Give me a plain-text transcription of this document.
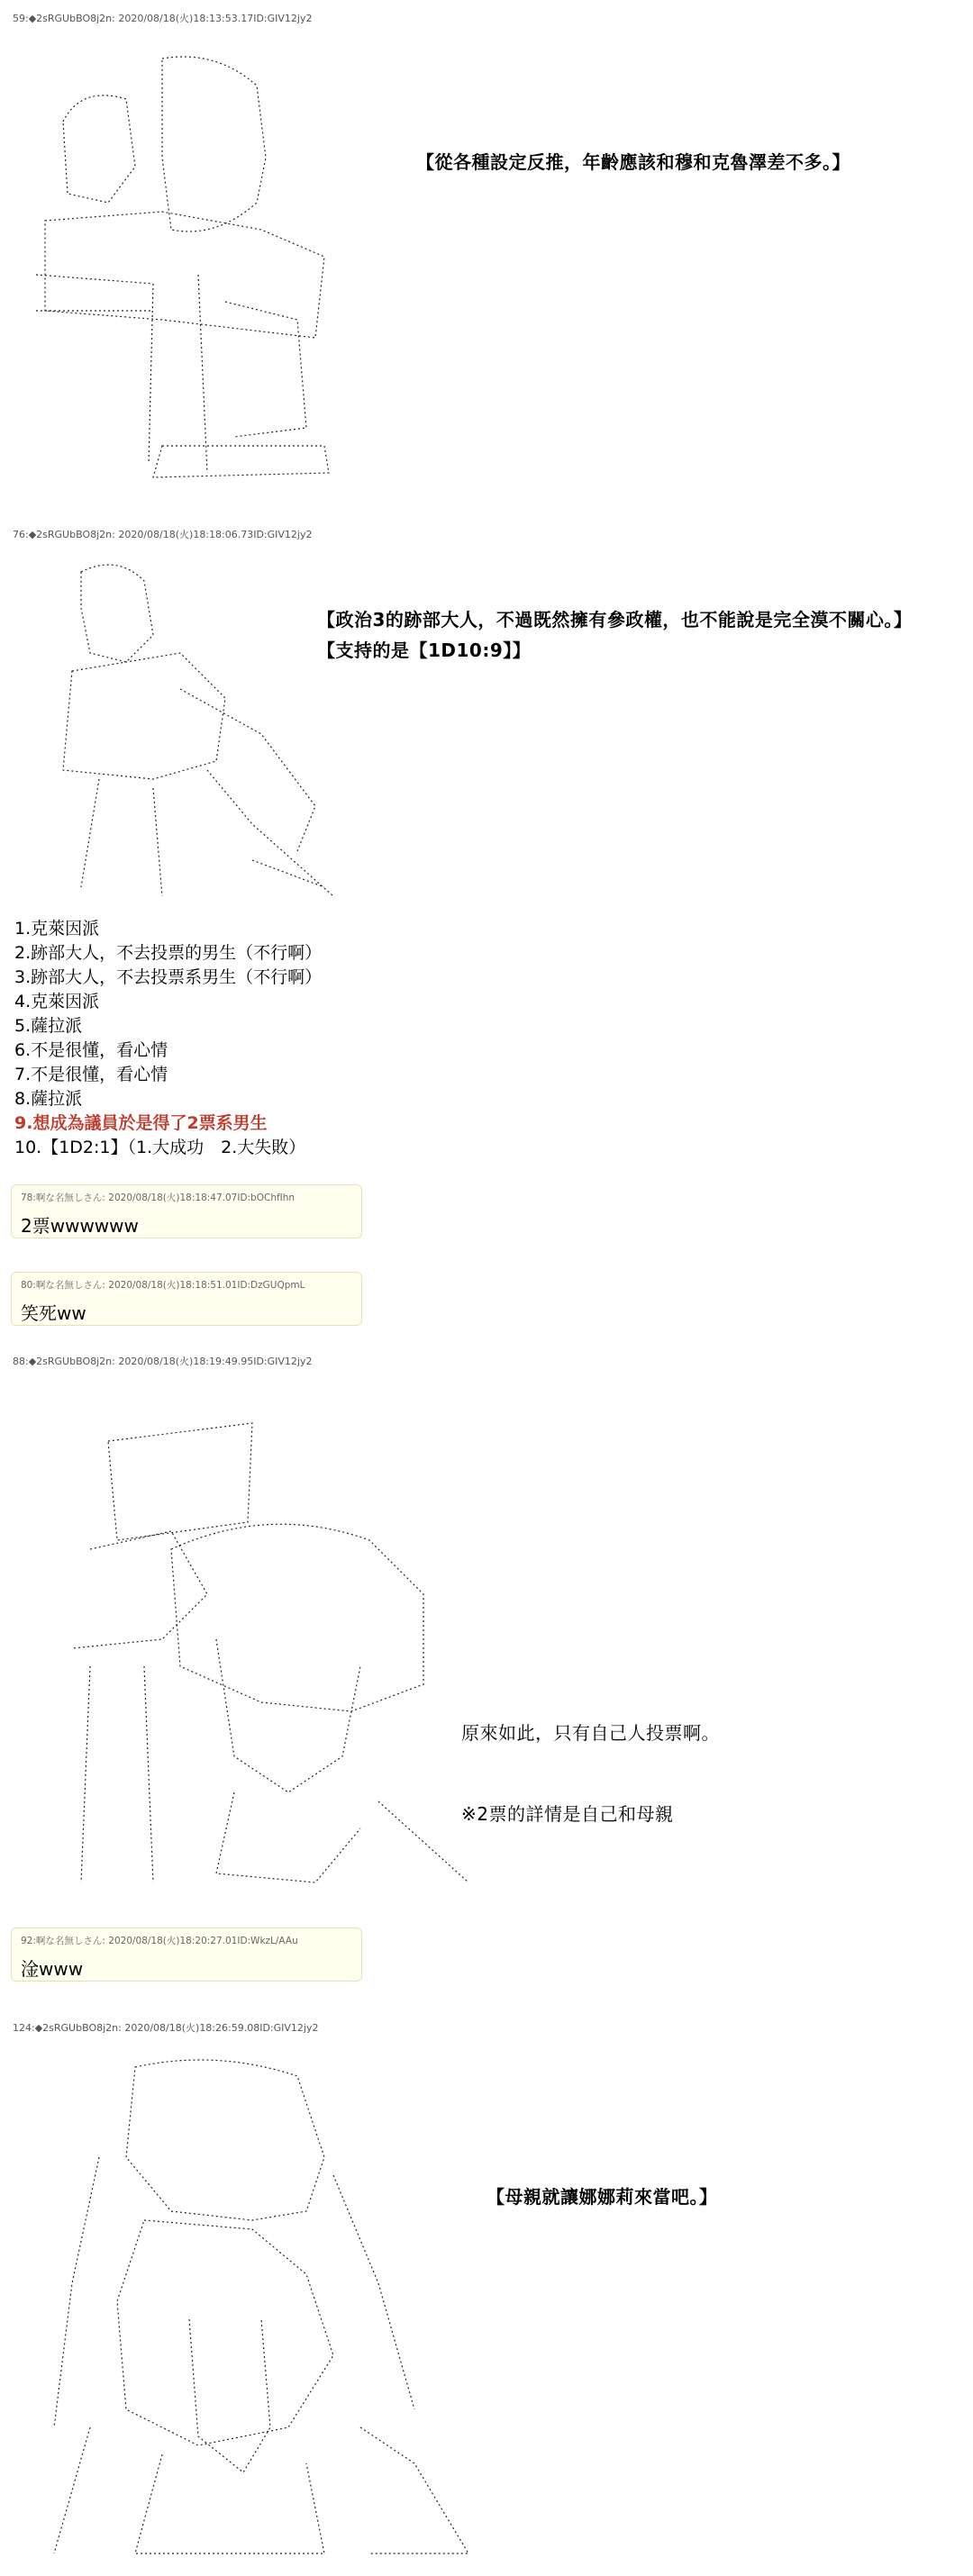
59:◆2sRGUbBO8j2n: 2020/08/18(火)18:13:53.17ID:GIV12jy2
【從各種設定反推，年齡應該和穆和克魯澤差不多。】
76:◆2sRGUbBO8j2n: 2020/08/18(火)18:18:06.73ID:GIV12jy2
【政治3的跡部大人，不過既然擁有參政權，也不能說是完全漠不關心。】
【支持的是【1D10:9】】
1.克萊因派
2.跡部大人，不去投票的男生（不行啊）
3.跡部大人，不去投票系男生（不行啊）
4.克萊因派
5.薩拉派
6.不是很懂，看心情
7.不是很懂，看心情
8.薩拉派
9.想成為議員於是得了2票系男生
10.【1D2:1】（1.大成功　2.大失敗）
78:啊な名無しさん: 2020/08/18(火)18:18:47.07ID:bOChfIhn
2票wwwwww
80:啊な名無しさん: 2020/08/18(火)18:18:51.01ID:DzGUQpmL
笑死ww
88:◆2sRGUbBO8j2n: 2020/08/18(火)18:19:49.95ID:GIV12jy2
原來如此，只有自己人投票啊。
※2票的詳情是自己和母親
92:啊な名無しさん: 2020/08/18(火)18:20:27.01ID:WkzL/AAu
淦www
124:◆2sRGUbBO8j2n: 2020/08/18(火)18:26:59.08ID:GIV12jy2
【母親就讓娜娜莉來當吧。】
